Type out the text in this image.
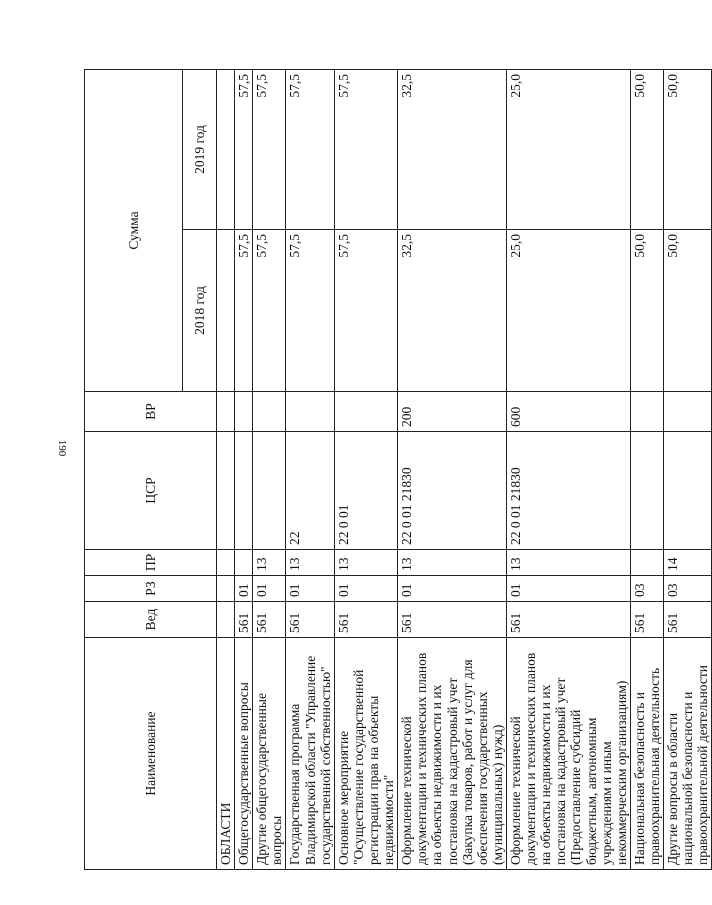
190
Наименование	Вед	РЗ	ПР	ЦСР	ВР	Сумма	
						2018 год	2019 год
ОБЛАСТИ							
Общегосударственные вопросы	561	01				57,5	57,5
Другие общегосударственные вопросы	561	01	13			57,5	57,5
Государственная программа Владимирской области "Управление государственной собственностью"	561	01	13	22		57,5	57,5
Основное мероприятие "Осуществление государственной регистрации прав на объекты недвижимости"	561	01	13	22 0 01		57,5	57,5
Оформление технической документации и технических планов на объекты недвижимости и их постановка на кадастровый учет (Закупка товаров, работ и услуг для обеспечения государственных (муниципальных) нужд)	561	01	13	22 0 01 21830	200	32,5	32,5
Оформление технической документации и технических планов на объекты недвижимости и их постановка на кадастровый учет (Предоставление субсидий бюджетным, автономным учреждениям и иным некоммерческим организациям)	561	01	13	22 0 01 21830	600	25,0	25,0
Национальная безопасность и правоохранительная деятельность	561	03				50,0	50,0
Другие вопросы в области национальной безопасности и правоохранительной деятельности	561	03	14			50,0	50,0
